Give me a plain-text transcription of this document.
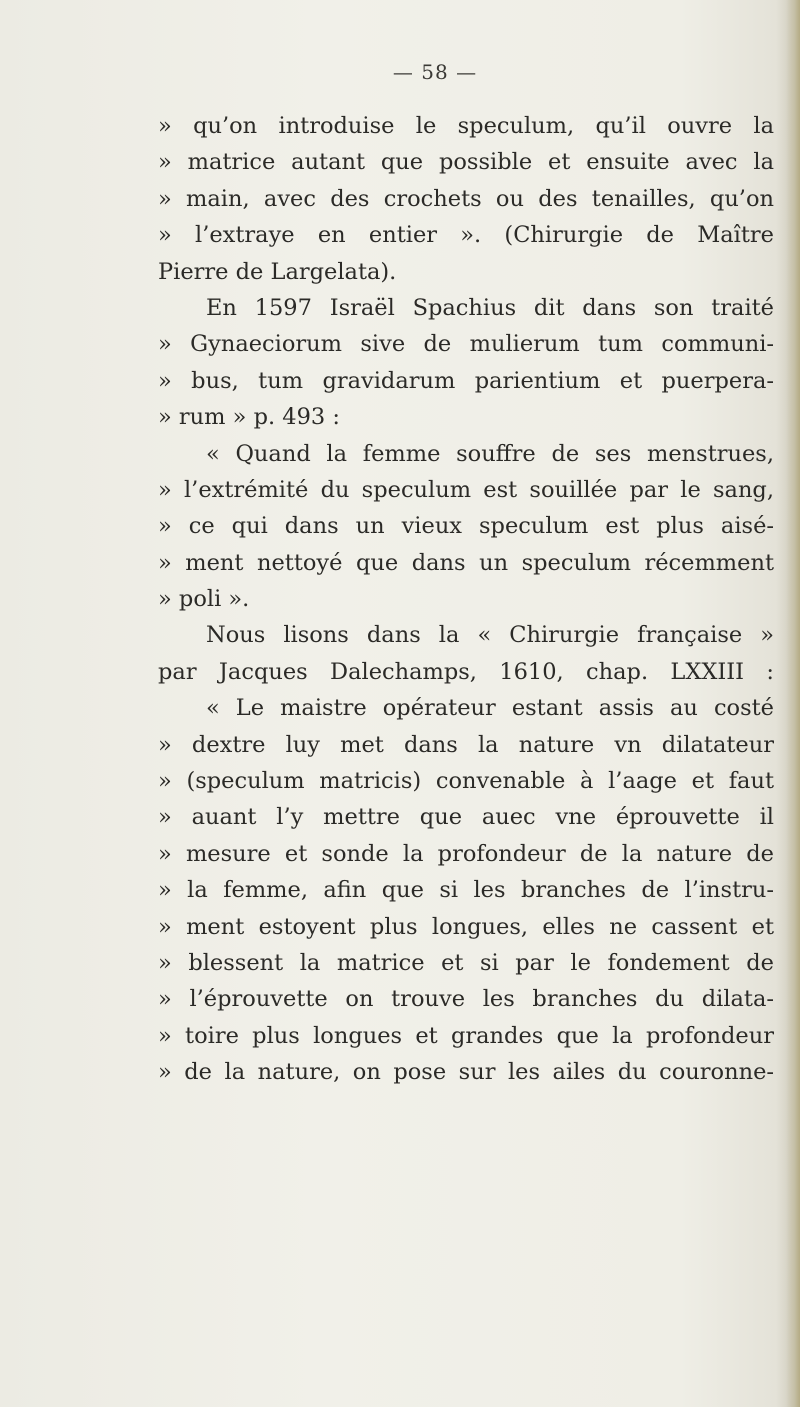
— 58 —
» qu’on introduise le speculum, qu’il ouvre la
» matrice autant que possible et ensuite avec la
» main, avec des crochets ou des tenailles, qu’on
» l’extraye en entier ». (Chirurgie de Maître
Pierre de Largelata).
En 1597 Israël Spachius dit dans son traité
» Gynaeciorum sive de mulierum tum communi-
» bus, tum gravidarum parientium et puerpera-
» rum » p. 493 :
« Quand la femme souffre de ses menstrues,
» l’extrémité du speculum est souillée par le sang,
» ce qui dans un vieux speculum est plus aisé-
» ment nettoyé que dans un speculum récemment
» poli ».
Nous lisons dans la « Chirurgie française »
par Jacques Dalechamps, 1610, chap. LXXIII :
« Le maistre opérateur estant assis au costé
» dextre luy met dans la nature vn dilatateur
» (speculum matricis) convenable à l’aage et faut
» auant l’y mettre que auec vne éprouvette il
» mesure et sonde la profondeur de la nature de
» la femme, afin que si les branches de l’instru-
» ment estoyent plus longues, elles ne cassent et
» blessent la matrice et si par le fondement de
» l’éprouvette on trouve les branches du dilata-
» toire plus longues et grandes que la profondeur
» de la nature, on pose sur les ailes du couronne-
